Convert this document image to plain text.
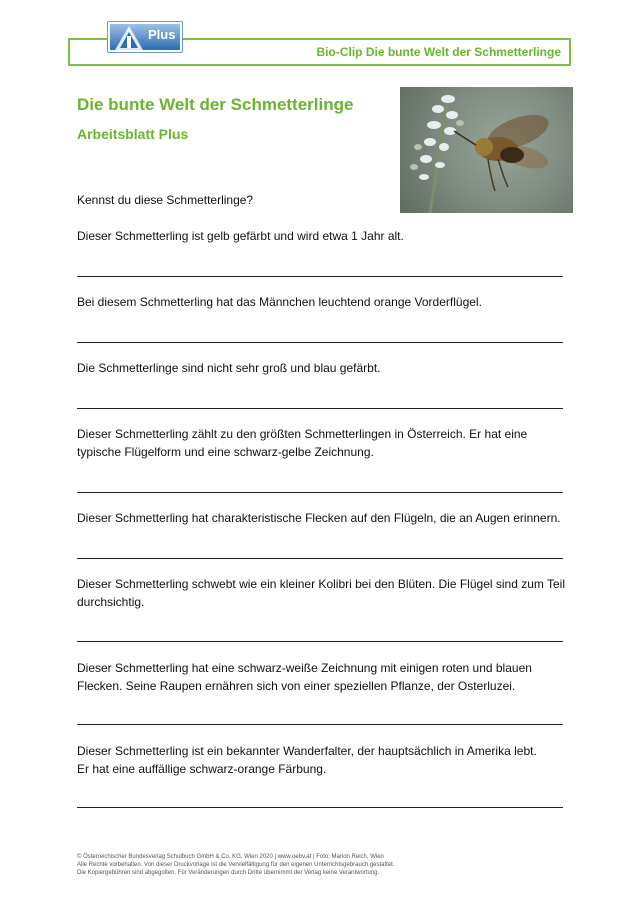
Bio-Clip Die bunte Welt der Schmetterlinge
Plus
Die bunte Welt der Schmetterlinge
Arbeitsblatt Plus
Kennst du diese Schmetterlinge?
Dieser Schmetterling ist gelb gefärbt und wird etwa 1 Jahr alt.
Bei diesem Schmetterling hat das Männchen leuchtend orange Vorderflügel.
Die Schmetterlinge sind nicht sehr groß und blau gefärbt.
Dieser Schmetterling zählt zu den größten Schmetterlingen in Österreich. Er hat eine
typische Flügelform und eine schwarz-gelbe Zeichnung.
Dieser Schmetterling hat charakteristische Flecken auf den Flügeln, die an Augen erinnern.
Dieser Schmetterling schwebt wie ein kleiner Kolibri bei den Blüten. Die Flügel sind zum Teil
durchsichtig.
Dieser Schmetterling hat eine schwarz-weiße Zeichnung mit einigen roten und blauen
Flecken. Seine Raupen ernähren sich von einer speziellen Pflanze, der Osterluzei.
Dieser Schmetterling ist ein bekannter Wanderfalter, der hauptsächlich in Amerika lebt.
Er hat eine auffällige schwarz-orange Färbung.
© Österreichischer Bundesverlag Schulbuch GmbH & Co. KG, Wien 2020 | www.oebv.at | Foto: Marion Reich, Wien
Alle Rechte vorbehalten. Von dieser Druckvorlage ist die Vervielfältigung für den eigenen Unterrichtsgebrauch gestattet.
Die Kopiergebühren sind abgegolten. Für Veränderungen durch Dritte übernimmt der Verlag keine Verantwortung.
